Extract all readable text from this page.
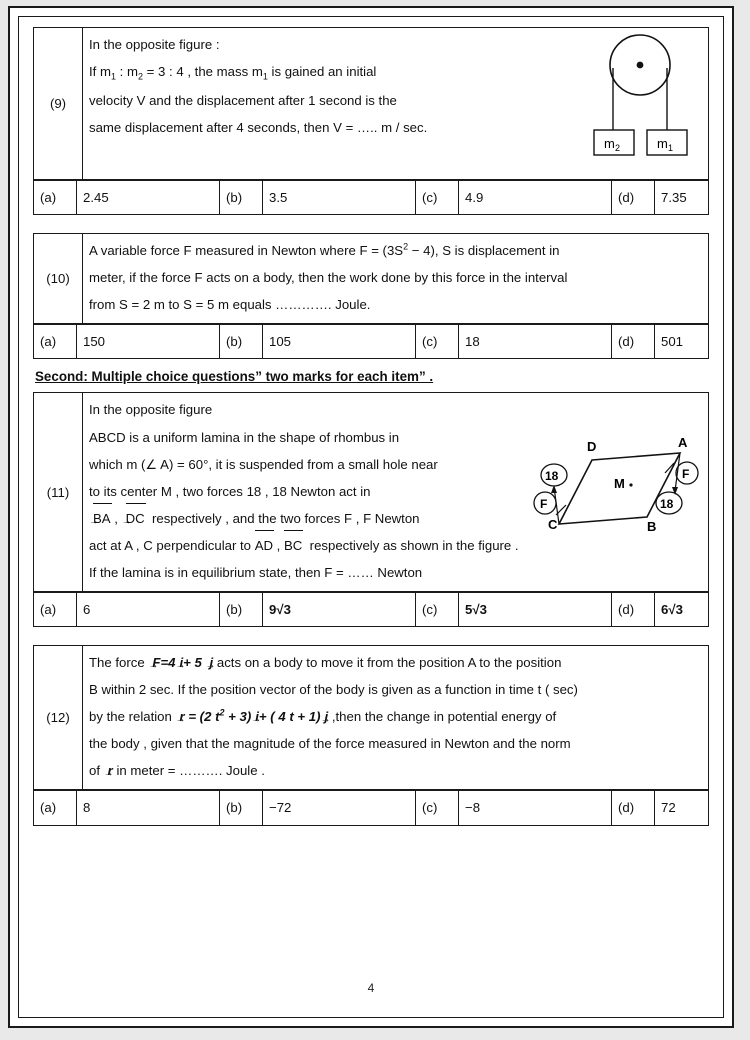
(9)	
m 2	m 1

In the opposite figure :

If $m_1$ : $m_2 = 3$ : 4 , the mass $m_1$ is gained an initial

velocity V and the displacement after 1 second is the

same displacement after 4 seconds, then V = ….. m / sec.

(a)	2.45	(b)	3.5	(c)	4.9	(d)	7.35
(10)	

A variable force F measured in Newton where $F = (3S^2 - 4)$, S is displacement in

meter, if the force F acts on a body, then the work done by this force in the interval

from S = 2 m to S = 5 m equals …………. Joule.

(a)	150	(b)	105	(c)	18	(d)	501
Second: Multiple choice questions” two marks for each item” .
(11)	
D	A
C	B
M
18
18
F
F

In the opposite figure

ABCD is a uniform lamina in the shape of rhombus in

which m (∠ A) = 60°, it is suspended from a small hole near

to its center M , two forces 18 , 18 Newton act in

BA , DC  respectively , and the two forces F , F Newton

act at A , C perpendicular to AD , BC  respectively as shown in the figure .

If the lamina is in equilibrium state, then F = …… Newton

(a)	6	(b)	9√3	(c)	5√3	(d)	6√3
(12)	

The force F=4 i+ 5 j acts on a body to move it from the position A to the position

B within 2 sec. If the position vector of the body is given as a function in time t ( sec)

by the relation r = (2 $t^2 + 3$) i+ ( 4 t + 1) j ,then the change in potential energy of

the body , given that the magnitude of the force measured in Newton and the norm

of r in meter = ………. Joule .

(a)	8	(b)	−72	(c)	−8	(d)	72
4
